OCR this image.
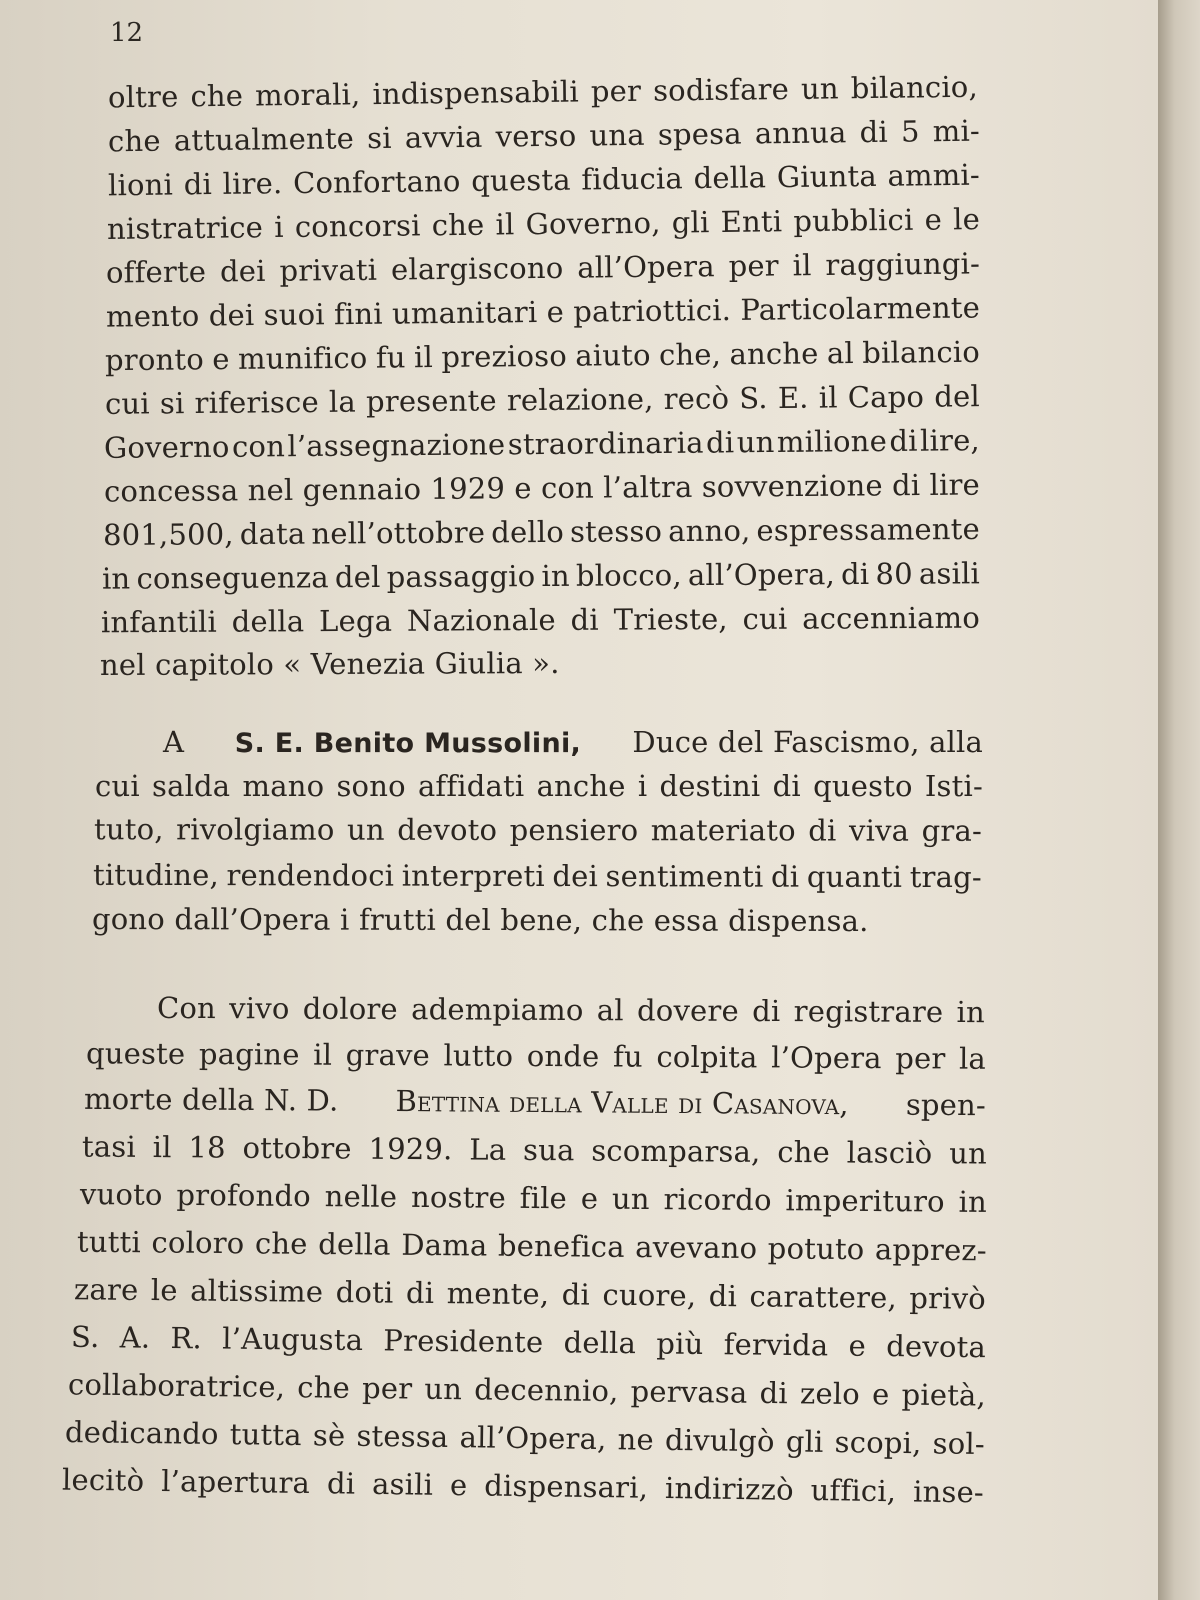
12
oltre che morali, indispensabili per sodisfare un bilancio,
che attualmente si avvia verso una spesa annua di 5 mi-
lioni di lire. Confortano questa fiducia della Giunta ammi-
nistratrice i concorsi che il Governo, gli Enti pubblici e le
offerte dei privati elargiscono all’Opera per il raggiungi-
mento dei suoi fini umanitari e patriottici. Particolarmente
pronto e munifico fu il prezioso aiuto che, anche al bilancio
cui si riferisce la presente relazione, recò S. E. il Capo del
Governo con l’assegnazione straordinaria di un milione di lire,
concessa nel gennaio 1929 e con l’altra sovvenzione di lire
801,500, data nell’ottobre dello stesso anno, espressamente
in conseguenza del passaggio in blocco, all’Opera, di 80 asili
infantili della Lega Nazionale di Trieste, cui accenniamo
nel capitolo « Venezia Giulia ».
A S. E. Benito Mussolini, Duce del Fascismo, alla
cui salda mano sono affidati anche i destini di questo Isti-
tuto, rivolgiamo un devoto pensiero materiato di viva gra-
titudine, rendendoci interpreti dei sentimenti di quanti trag-
gono dall’Opera i frutti del bene, che essa dispensa.
Con vivo dolore adempiamo al dovere di registrare in
queste pagine il grave lutto onde fu colpita l’Opera per la
morte della N. D. Bettina della Valle di Casanova, spen-
tasi il 18 ottobre 1929. La sua scomparsa, che lasciò un
vuoto profondo nelle nostre file e un ricordo imperituro in
tutti coloro che della Dama benefica avevano potuto apprez-
zare le altissime doti di mente, di cuore, di carattere, privò
S. A. R. l’Augusta Presidente della più fervida e devota
collaboratrice, che per un decennio, pervasa di zelo e pietà,
dedicando tutta sè stessa all’Opera, ne divulgò gli scopi, sol-
lecitò l’apertura di asili e dispensari, indirizzò uffici, inse-
